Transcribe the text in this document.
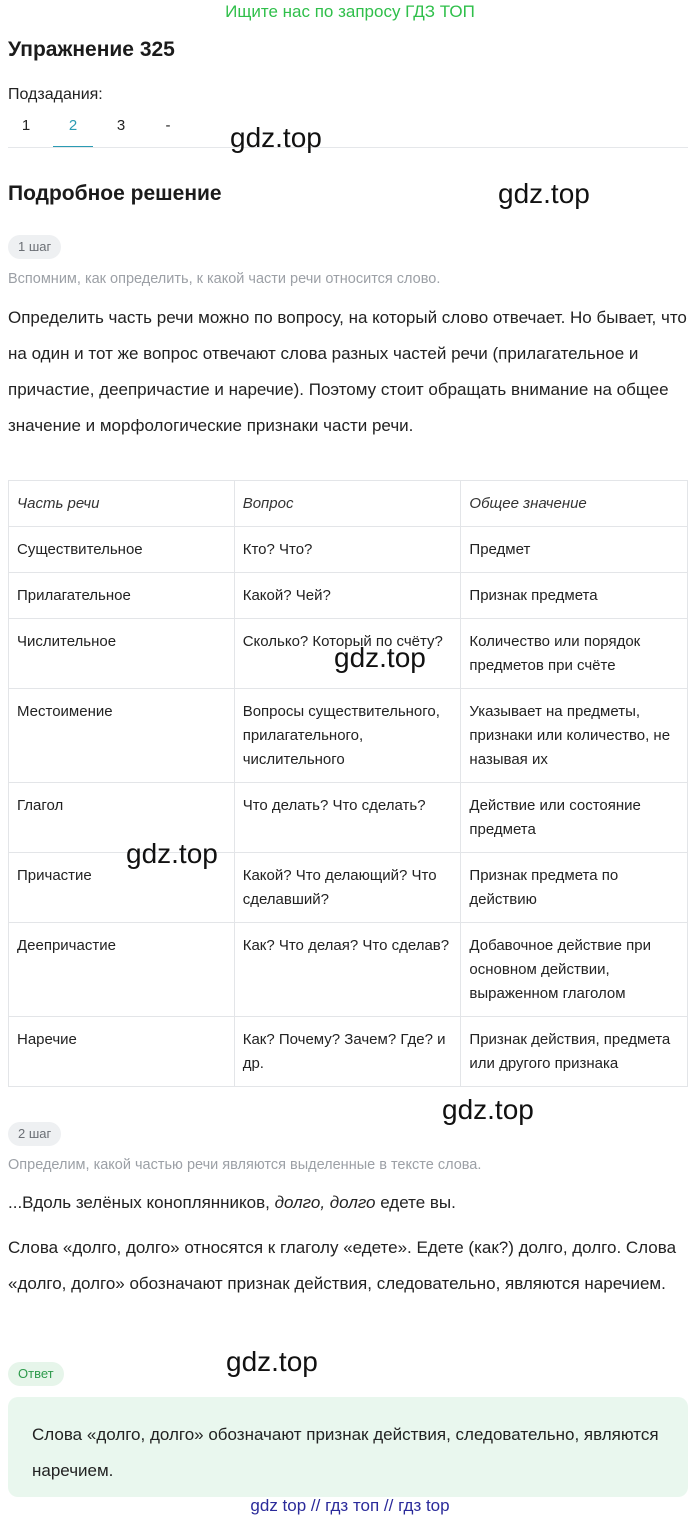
Ищите нас по запросу ГДЗ ТОП
Упражнение 325
Подзадания:
1	2	3	-	gdz.top
Подробное решение	gdz.top
1 шаг
Вспомним, как определить, к какой части речи относится слово.
Определить часть речи можно по вопросу, на который слово отвечает. Но бывает, что на один и тот же вопрос отвечают слова разных частей речи (прилагательное и причастие, деепричастие и наречие). Поэтому стоит обращать внимание на общее значение и морфологические признаки части речи.
Часть речи	Вопрос	Общее значение
Существительное	Кто? Что?	Предмет
Прилагательное	Какой? Чей?	Признак предмета
Числительное	Сколько? Который по счёту?	Количество или порядок предметов при счёте
Местоимение	Вопросы существительного, прилагательного, числительного	Указывает на предметы, признаки или количество, не называя их
Глагол	Что делать? Что сделать?	Действие или состояние предмета
Причастие	Какой? Что делающий? Что сделавший?	Признак предмета по действию
Деепричастие	Как? Что делая? Что сделав?	Добавочное действие при основном действии, выраженном глаголом
Наречие	Как? Почему? Зачем? Где? и др.	Признак действия, предмета или другого признака
gdz.top
gdz.top
gdz.top
2 шаг
Определим, какой частью речи являются выделенные в тексте слова.
...Вдоль зелёных коноплянников, долго, долго едете вы.
Слова «долго, долго» относятся к глаголу «едете». Едете (как?) долго, долго. Слова «долго, долго» обозначают признак действия, следовательно, являются наречием.
gdz.top
Ответ
Слова «долго, долго» обозначают признак действия, следовательно, являются наречием.
gdz top // гдз топ // гдз top
